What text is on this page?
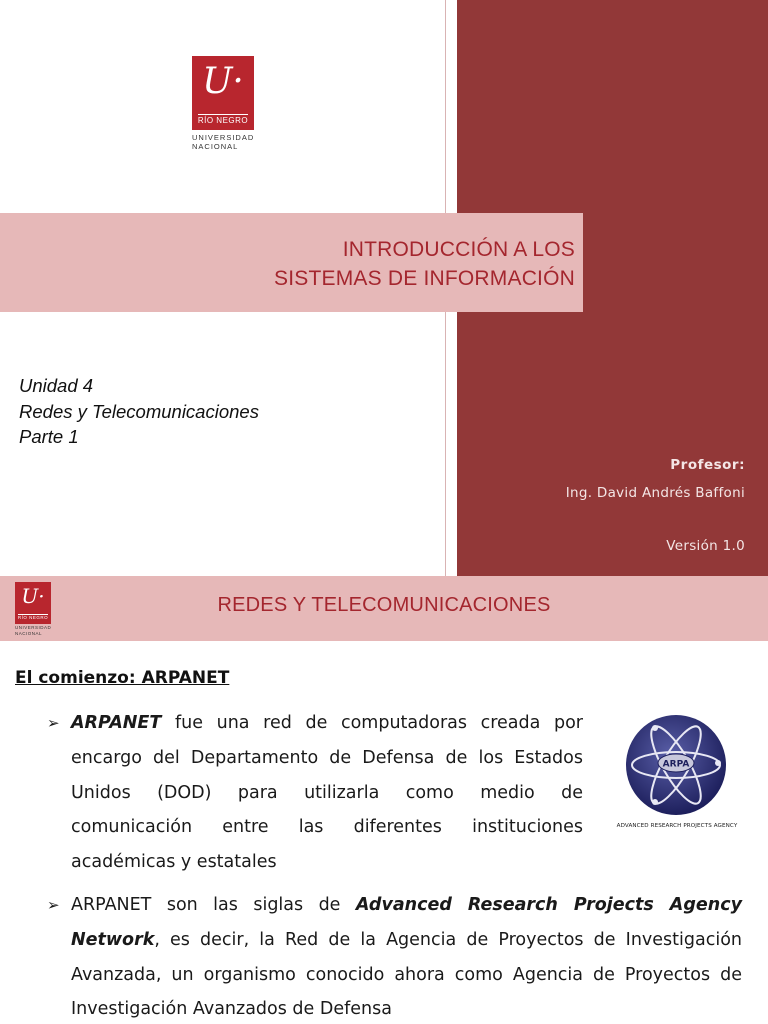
U·
RÍO NEGRO
UNIVERSIDAD
NACIONAL
INTRODUCCIÓN A LOS
SISTEMAS DE INFORMACIÓN
Unidad 4
Redes y Telecomunicaciones
Parte 1
Profesor:
Ing. David Andrés Baffoni
Versión 1.0
U·
RÍO NEGRO
UNIVERSIDAD
NACIONAL
REDES Y TELECOMUNICACIONES
El comienzo: ARPANET

➢ ARPANET fue una red de computadoras creada por encargo del Departamento de Defensa de los Estados Unidos (DOD) para utilizarla como medio de comunicación entre las diferentes instituciones académicas y estatales

➢ ARPANET son las siglas de Advanced Research Projects Agency Network, es decir, la Red de la Agencia de Proyectos de Investigación Avanzada, un organismo conocido ahora como Agencia de Proyectos de Investigación Avanzados de Defensa

ARPA
ADVANCED RESEARCH PROJECTS AGENCY
